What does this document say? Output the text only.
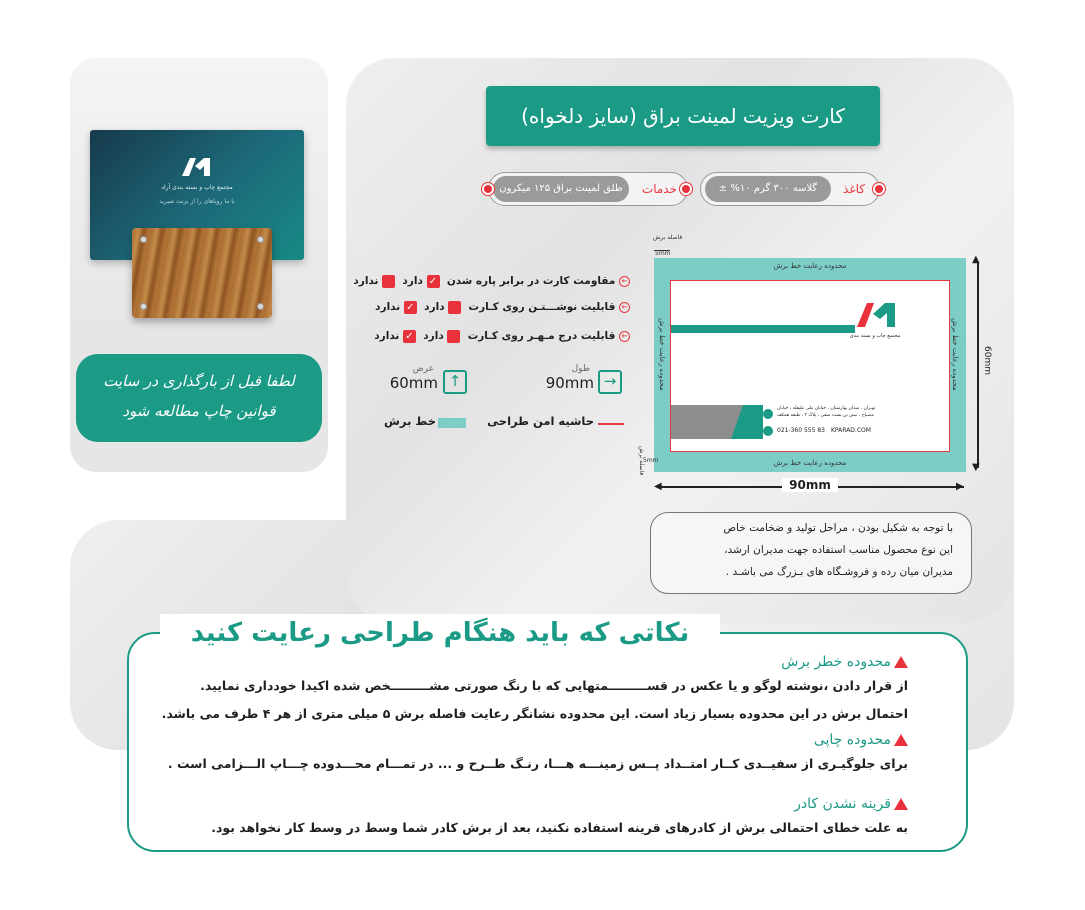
مجتمع چاپ و بسته بندی آراد
با ما رویاهای را از بزنت شیرید
لطفا قبل از بارگذاری در سایت
قوانین چاپ مطالعه شود
کارت ویزیت لمینت براق (سایز دلخواه)
کاغذ
گلاسه ۳۰۰ گرم ۱۰% ±
خدمات
طلق لمینت براق ۱۲۵ میکرون
← مقاومت کارت در برابر پاره شدن  ✓ دارد   ندارد
← قابلیت نوشـــتـن روی کـارت   دارد  ✓ ندارد
← قابلیت درج مـهـر روی کـارت   دارد  ✓ ندارد
→
طول
90mm
↑
عرض
60mm
حاشیه امن طراحی
خط برش
محدوده رعایت خط برش
محدوده رعایت خط برش
محدوده رعایت خط برش
محدوده رعایت خط برش	مجتمع چاپ و بسته بندی
تهـران ، میدان بهارستان ، خیابان ملی ملیفله ، خیابان
مصباح ، نبش بن بست صفی ، پلاک ۳ ، طبقه همکف
021-360 555 83 KPARAD.COM
فاصله برش
5mm
فاصله برش
5mm
◀	▶
90mm
▲
▼
60mm
با توجه به شکیل بودن ، مراحل تولید و ضخامت خاص
این نوع محصول مناسب استفاده جهت مدیران ارشد،
مدیران میان رده و فروشـگاه های بـزرگ می باشـد .
محدوده خطر برش
از قرار دادن ،نوشته لوگو و یا عکس در قســـــــــمتهایی که با رنگ صورتی مشـــــــــخص شده اکیدا خودداری نمایید.
احتمال برش در این محدوده بسیار زیاد است. این محدوده نشانگر رعایت فاصله برش ۵ میلی متری از هر ۴ طرف می باشد.
محدوده چاپی
برای جلوگیـری از سفیــدی کــار امتــداد پــس زمینـــه هـــا، رنـگ طــرح و ... در تمـــام محـــدوده چـــاپ الـــزامی است .
قرینه نشدن کادر
به علت خطای احتمالی برش از کادرهای قرینه استفاده نکنید، بعد از برش کادر شما وسط در وسط کار نخواهد بود.
نکاتی که باید هنگام طراحی رعایت کنید
